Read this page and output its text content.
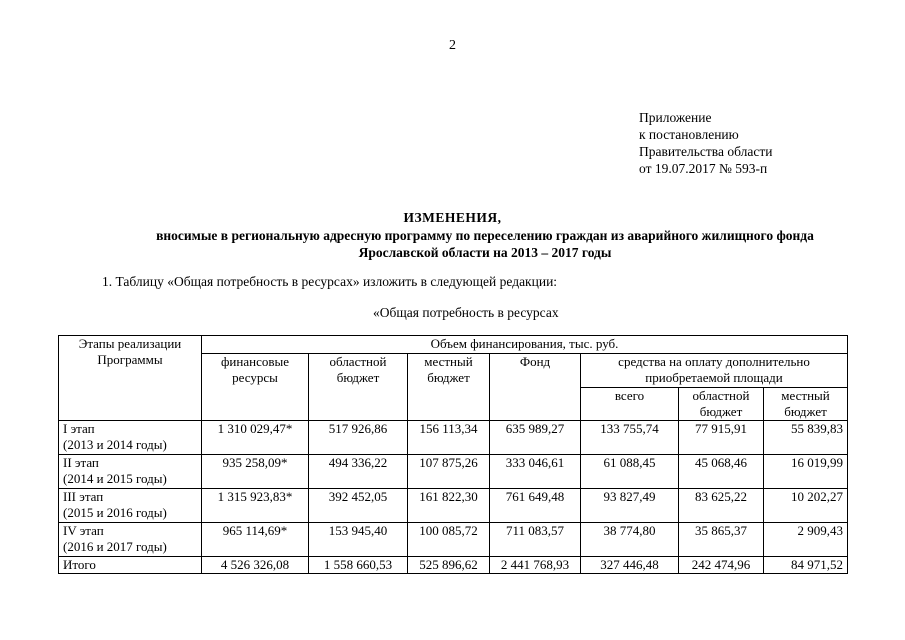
2
Приложение
к постановлению
Правительства области
от 19.07.2017 № 593-п
ИЗМЕНЕНИЯ,
вносимые в региональную адресную программу по переселению граждан из аварийного жилищного фонда
Ярославской области на 2013 – 2017 годы
1. Таблицу «Общая потребность в ресурсах» изложить в следующей редакции:
«Общая потребность в ресурсах
Этапы реализации Программы	Объем финансирования, тыс. руб.						
	финансовые ресурсы	областной бюджет	местный бюджет	Фонд	средства на оплату дополнительно приобретаемой площади		
					всего	областной бюджет	местный бюджет

I этап
(2013 и 2014 годы)	1 310 029,47*	517 926,86	156 113,34	635 989,27	133 755,74	77 915,91	55 839,83

II этап
(2014 и 2015 годы)	935 258,09*	494 336,22	107 875,26	333 046,61	61 088,45	45 068,46	16 019,99

III этап
(2015 и 2016 годы)	1 315 923,83*	392 452,05	161 822,30	761 649,48	93 827,49	83 625,22	10 202,27

IV этап
(2016 и 2017 годы)	965 114,69*	153 945,40	100 085,72	711 083,57	38 774,80	35 865,37	2 909,43
Итого	4 526 326,08	1 558 660,53	525 896,62	2 441 768,93	327 446,48	242 474,96	84 971,52
